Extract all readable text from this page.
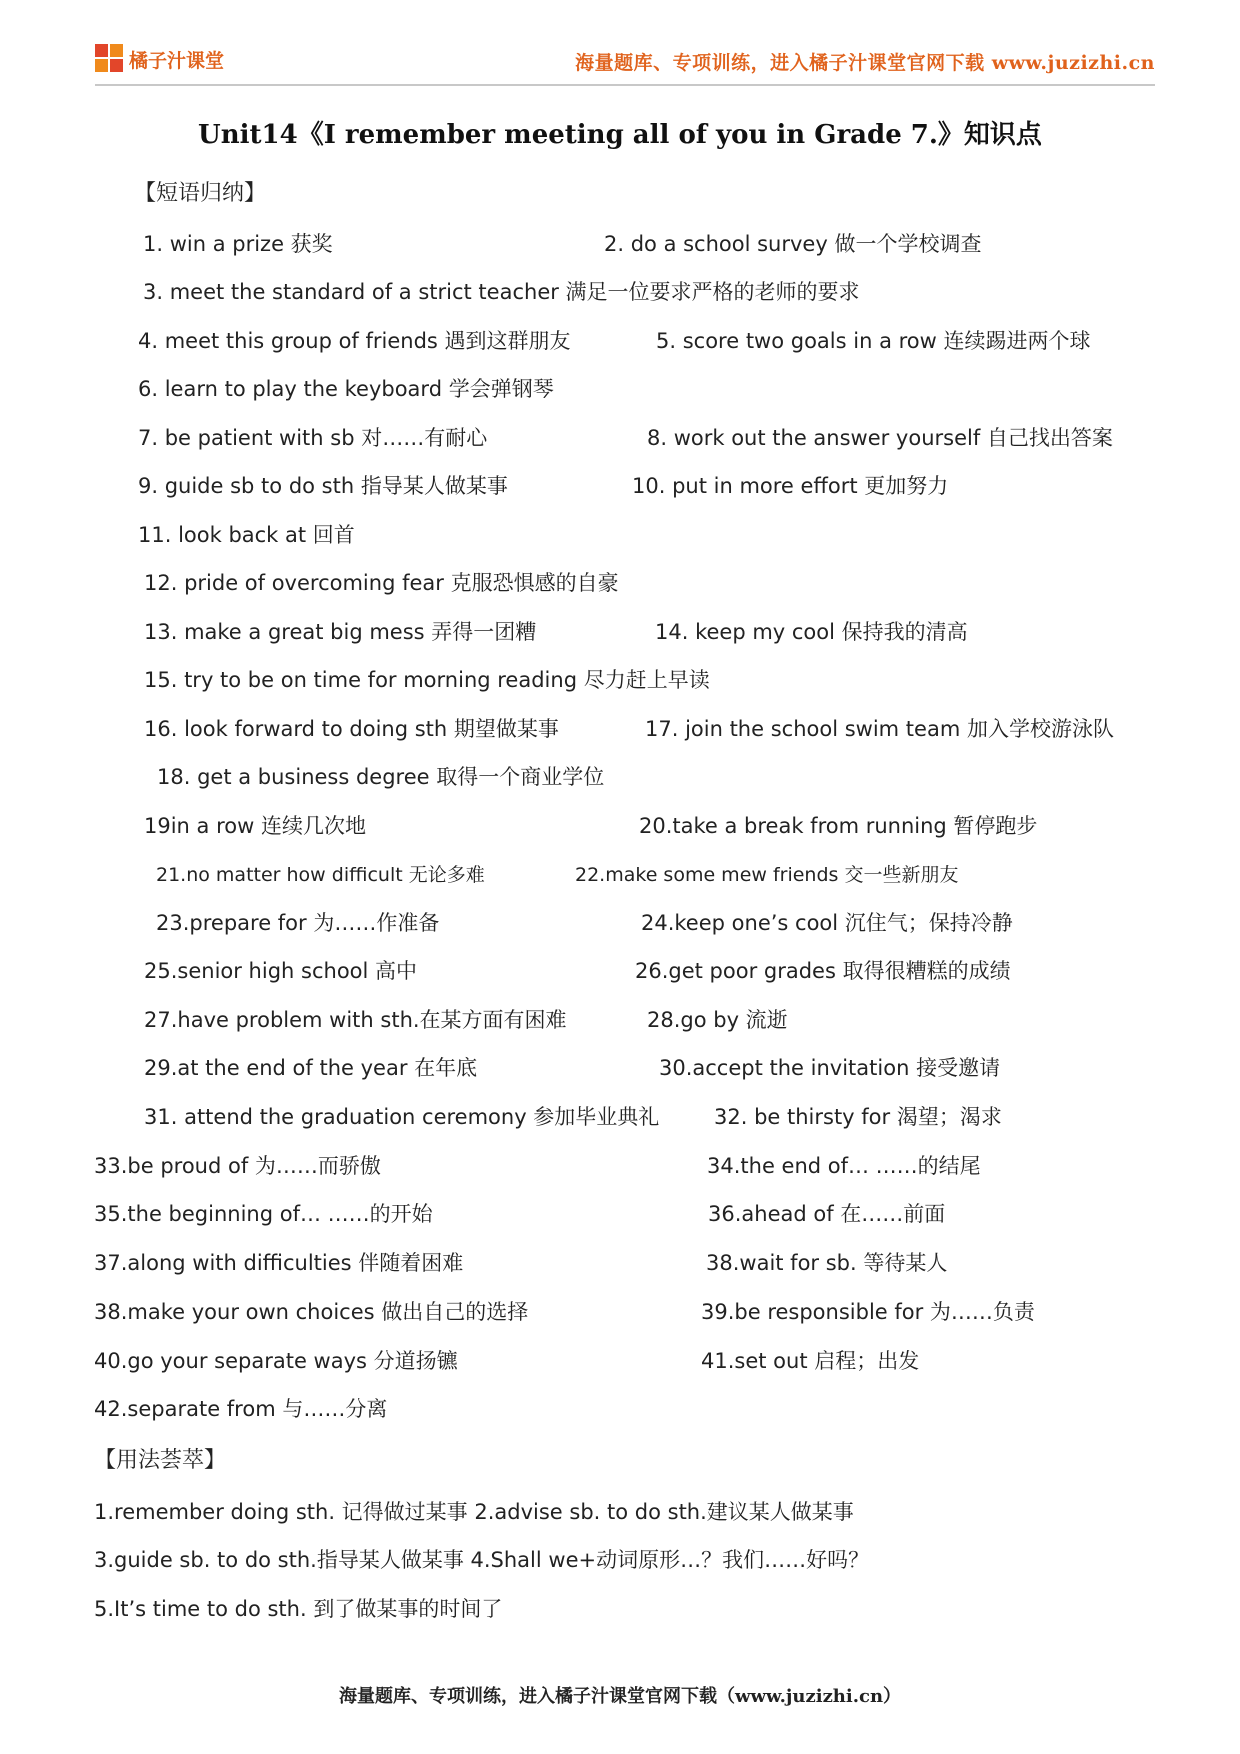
橘子汁课堂	海量题库、专项训练，进入橘子汁课堂官网下载 www.juzizhi.cn
Unit14《I remember meeting all of you in Grade 7.》知识点
【短语归纳】
1. win a prize 获奖	2. do a school survey 做一个学校调查
3. meet the standard of a strict teacher 满足一位要求严格的老师的要求
4. meet this group of friends 遇到这群朋友	5. score two goals in a row 连续踢进两个球
6. learn to play the keyboard 学会弹钢琴
7. be patient with sb 对……有耐心	8. work out the answer yourself 自己找出答案
9. guide sb to do sth 指导某人做某事	10. put in more effort 更加努力
11. look back at 回首
12. pride of overcoming fear 克服恐惧感的自豪
13. make a great big mess 弄得一团糟	14. keep my cool 保持我的清高
15. try to be on time for morning reading 尽力赶上早读
16. look forward to doing sth 期望做某事	17. join the school swim team 加入学校游泳队
18. get a business degree 取得一个商业学位
19in a row 连续几次地	20.take a break from running 暂停跑步
21.no matter how difficult 无论多难	22.make some mew friends 交一些新朋友
23.prepare for 为……作准备	24.keep one’s cool 沉住气；保持冷静
25.senior high school 高中	26.get poor grades 取得很糟糕的成绩
27.have problem with sth.在某方面有困难	28.go by 流逝
29.at the end of the year 在年底	30.accept the invitation 接受邀请
31. attend the graduation ceremony 参加毕业典礼	32. be thirsty for 渴望；渴求
33.be proud of 为……而骄傲	34.the end of… ……的结尾
35.the beginning of… ……的开始	36.ahead of 在……前面
37.along with difficulties 伴随着困难	38.wait for sb. 等待某人
38.make your own choices 做出自己的选择	39.be responsible for 为……负责
40.go your separate ways 分道扬镳	41.set out 启程；出发
42.separate from 与……分离
【用法荟萃】
1.remember doing sth. 记得做过某事 2.advise sb. to do sth.建议某人做某事
3.guide sb. to do sth.指导某人做某事 4.Shall we+动词原形…？我们……好吗？
5.It’s time to do sth. 到了做某事的时间了
海量题库、专项训练，进入橘子汁课堂官网下载（www.juzizhi.cn）
